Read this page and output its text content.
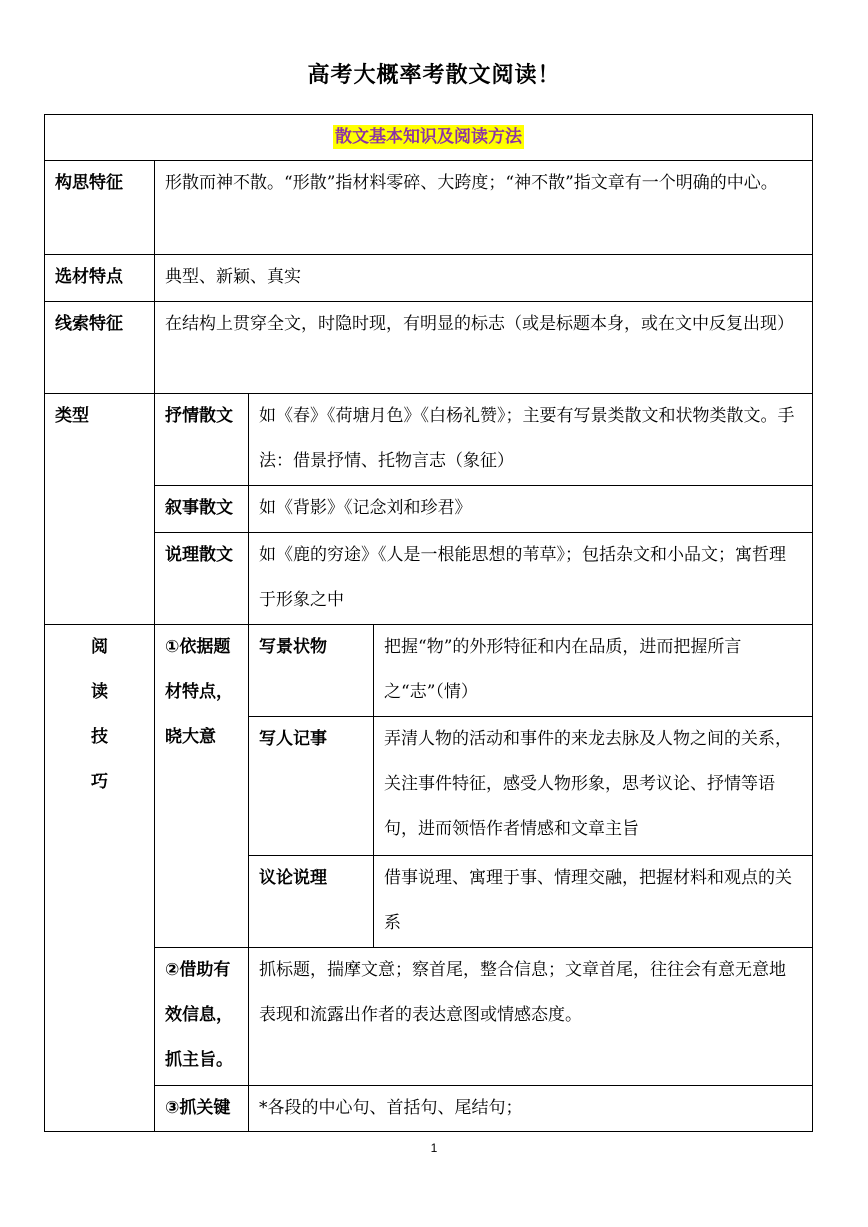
高考大概率考散文阅读！
散文基本知识及阅读方法			
构思特征	形散而神不散。“形散”指材料零碎、大跨度；“神不散”指文章有一个明确的中心。		
选材特点	典型、新颖、真实		
线索特征	在结构上贯穿全文，时隐时现，有明显的标志（或是标题本身，或在文中反复出现）		
类型	抒情散文	如《春》《荷塘月色》《白杨礼赞》；主要有写景类散文和状物类散文。手法：借景抒情、托物言志（象征）	
	叙事散文	如《背影》《记念刘和珍君》	
	说理散文	如《鹿的穷途》《人是一根能思想的苇草》；包括杂文和小品文；寓哲理于形象之中	

阅
读
技
巧	①依据题材特点，晓大意	写景状物	把握“物”的外形特征和内在品质，进而把握所言之“志”（情）
		写人记事	弄清人物的活动和事件的来龙去脉及人物之间的关系，关注事件特征，感受人物形象，思考议论、抒情等语句，进而领悟作者情感和文章主旨
		议论说理	借事说理、寓理于事、情理交融，把握材料和观点的关系
	②借助有效信息，抓主旨。	抓标题，揣摩文意；察首尾，整合信息；文章首尾，往往会有意无意地表现和流露出作者的表达意图或情感态度。	
	③抓关键	*各段的中心句、首括句、尾结句；	
1
